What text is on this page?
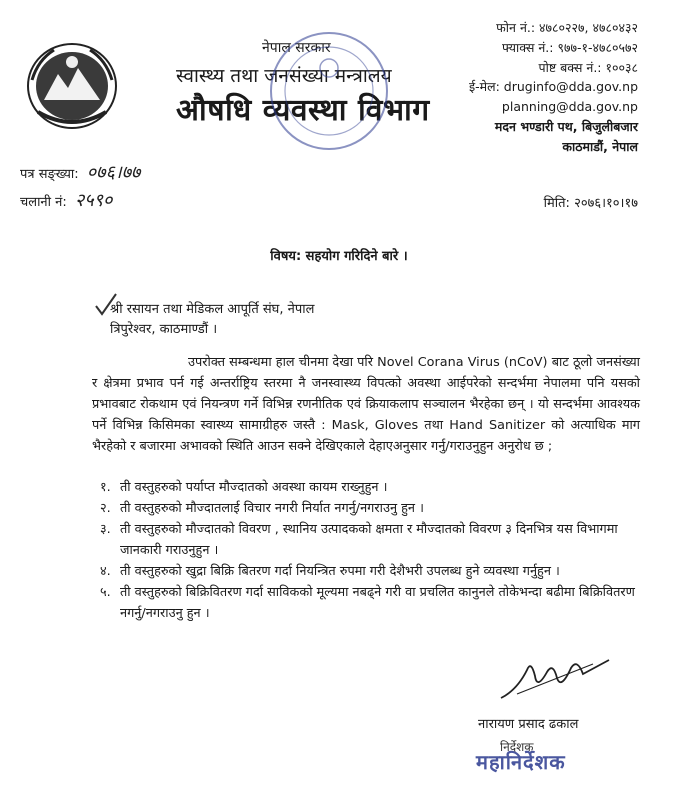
नेपाल सरकार
स्वास्थ्य तथा जनसंख्या मन्त्रालय
औषधि व्यवस्था विभाग
फोन नं.: ४७८०२२७, ४७८०४३२
फ्याक्स नं.: ९७७-१-४७८०५७२
पोष्ट बक्स नं.: १००३८
ई-मेल: druginfo@dda.gov.np
planning@dda.gov.np
मदन भण्डारी पथ, बिजुलीबजार
काठमाडौं, नेपाल
पत्र सङ्ख्या: ०७६।७७
चलानी नं: २५९०	मिति: २०७६।१०।१७
विषय: सहयोग गरिदिने बारे ।
श्री रसायन तथा मेडिकल आपूर्ति संघ, नेपाल
त्रिपुरेश्वर, काठमाण्डौं ।

उपरोक्त सम्बन्धमा हाल चीनमा देखा परि Novel Corana Virus (nCoV) बाट ठूलो जनसंख्या र क्षेत्रमा प्रभाव पर्न गई अन्तर्राष्ट्रिय स्तरमा नै जनस्वास्थ्य विपत्को अवस्था आईपरेको सन्दर्भमा नेपालमा पनि यसको प्रभावबाट रोकथाम एवं नियन्त्रण गर्ने विभिन्न रणनीतिक एवं क्रियाकलाप सञ्चालन भैरहेका छन् । यो सन्दर्भमा आवश्यक पर्ने विभिन्न किसिमका स्वास्थ्य सामाग्रीहरु जस्तै : Mask, Gloves तथा Hand Sanitizer को अत्याधिक माग भैरहेको र बजारमा अभावको स्थिति आउन सक्ने देखिएकाले देहाएअनुसार गर्नु/गराउनुहुन अनुरोध छ ;

१. ती वस्तुहरुको पर्याप्त मौज्दातको अवस्था कायम राख्नुहुन ।
२. ती वस्तुहरुको मौज्दातलाई विचार नगरी निर्यात नगर्नु/नगराउनु हुन ।
३. ती वस्तुहरुको मौज्दातको विवरण , स्थानिय उत्पादकको क्षमता र मौज्दातको विवरण ३ दिनभित्र यस विभागमा जानकारी गराउनुहुन ।
४. ती वस्तुहरुको खुद्रा बिक्रि बितरण गर्दा नियन्त्रित रुपमा गरी देशैभरी उपलब्ध हुने व्यवस्था गर्नुहुन ।
५. ती वस्तुहरुको बिक्रिवितरण गर्दा साविकको मूल्यमा नबढ्ने गरी वा प्रचलित कानुनले तोकेभन्दा बढीमा बिक्रिवितरण नगर्नु/नगराउनु हुन ।
नारायण प्रसाद ढकाल
निर्देशक
महानिर्देशक
